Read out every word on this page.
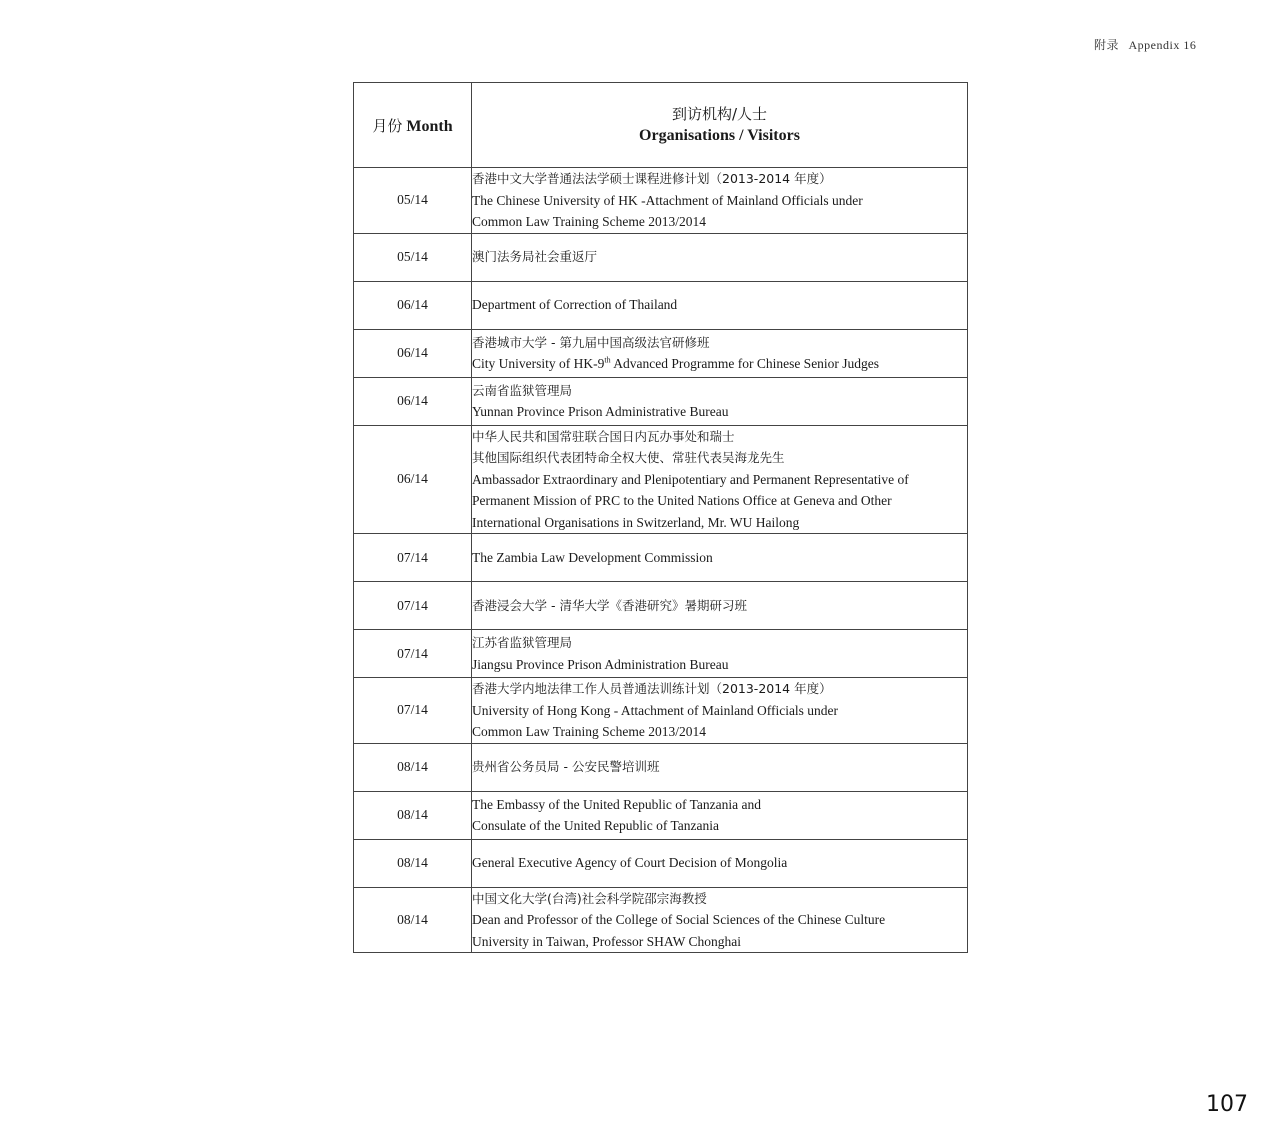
附录 Appendix 16
月份 Month	到访机构/人士
Organisations / Visitors

05/14	香港中文大学普通法法学硕士课程进修计划（2013-2014 年度）
The Chinese University of HK -Attachment of Mainland Officials under
Common Law Training Scheme 2013/2014

05/14	澳门法务局社会重返厅

06/14	Department of Correction of Thailand

06/14	香港城市大学 - 第九届中国高级法官研修班
City University of HK-9th Advanced Programme for Chinese Senior Judges

06/14	云南省监狱管理局
Yunnan Province Prison Administrative Bureau

06/14	中华人民共和国常驻联合国日内瓦办事处和瑞士
其他国际组织代表团特命全权大使、常驻代表吴海龙先生
Ambassador Extraordinary and Plenipotentiary and Permanent Representative of
Permanent Mission of PRC to the United Nations Office at Geneva and Other
International Organisations in Switzerland, Mr. WU Hailong

07/14	The Zambia Law Development Commission

07/14	香港浸会大学 - 清华大学《香港研究》暑期研习班

07/14	江苏省监狱管理局
Jiangsu Province Prison Administration Bureau

07/14	香港大学内地法律工作人员普通法训练计划（2013-2014 年度）
University of Hong Kong - Attachment of Mainland Officials under
Common Law Training Scheme 2013/2014

08/14	贵州省公务员局 - 公安民警培训班

08/14	The Embassy of the United Republic of Tanzania and
Consulate of the United Republic of Tanzania

08/14	General Executive Agency of Court Decision of Mongolia

08/14	中国文化大学(台湾)社会科学院邵宗海教授
Dean and Professor of the College of Social Sciences of the Chinese Culture
University in Taiwan, Professor SHAW Chonghai
107
